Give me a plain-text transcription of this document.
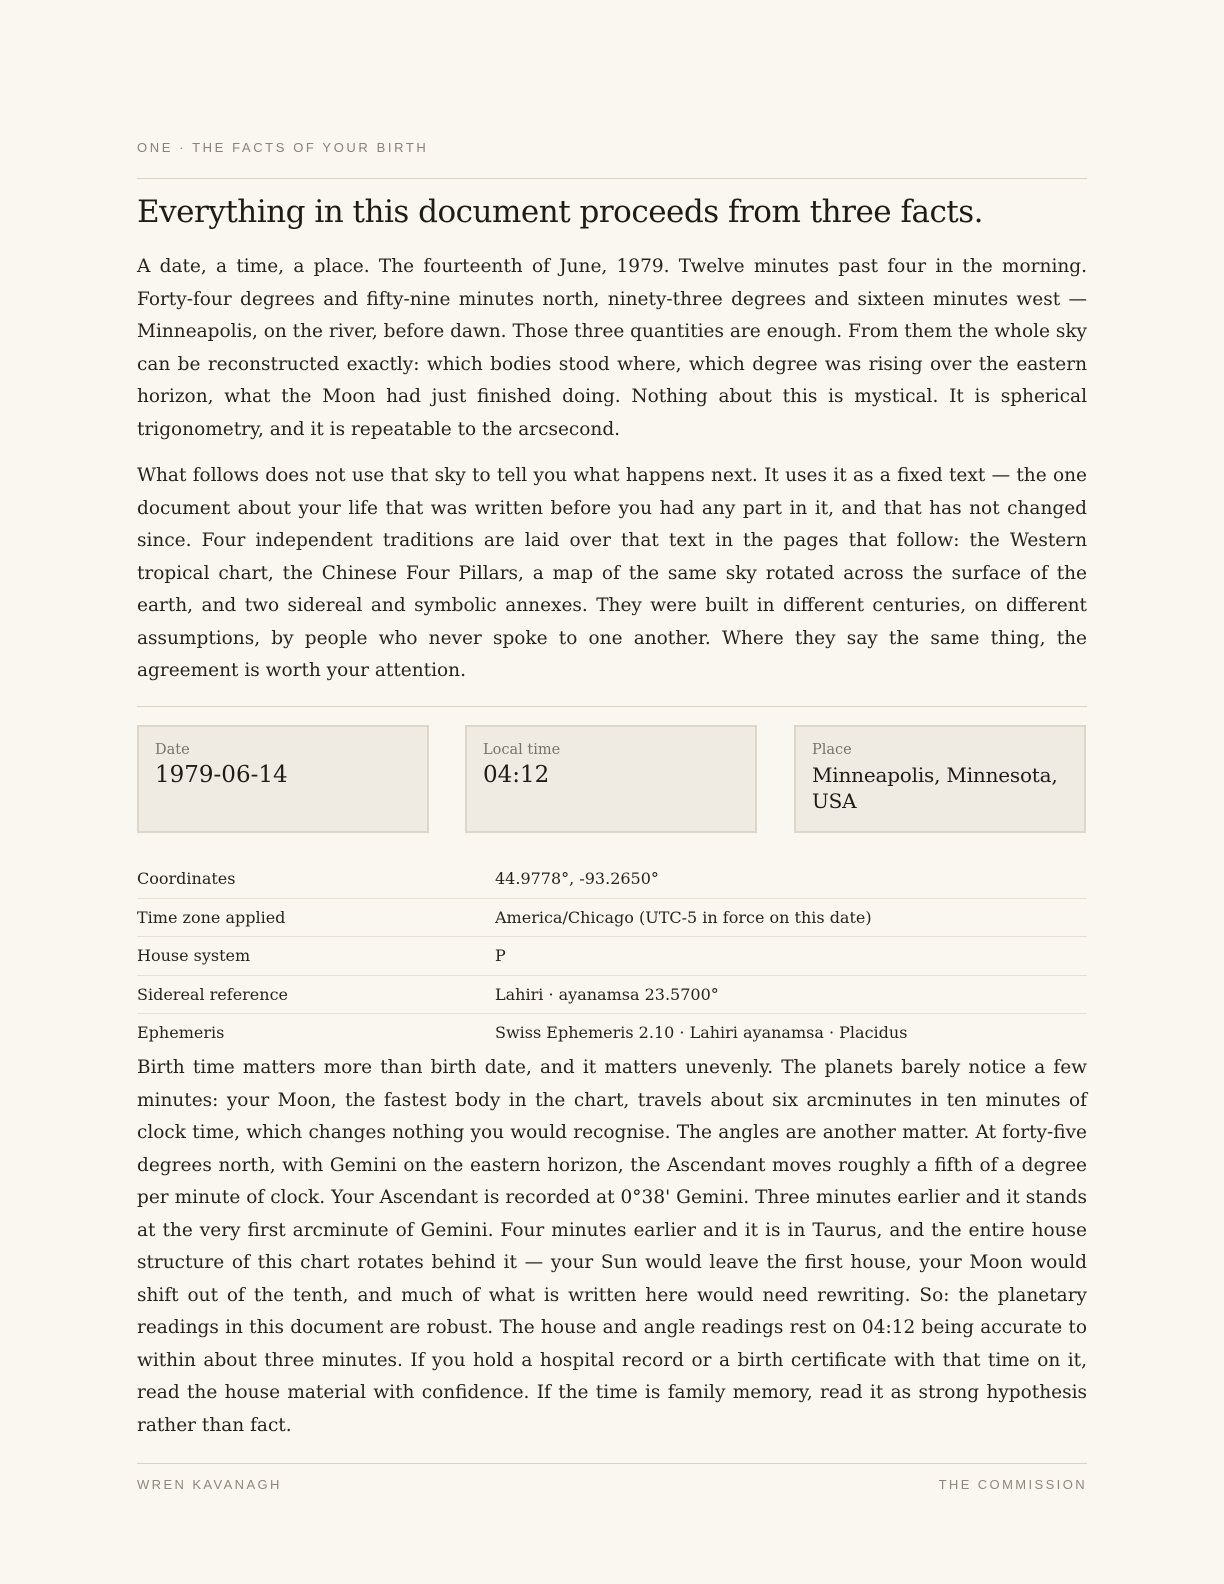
ONE · THE FACTS OF YOUR BIRTH
Everything in this document proceeds from three facts.

A date, a time, a place. The fourteenth of June, 1979. Twelve minutes past four in the morning. Forty-four degrees and fifty-nine minutes north, ninety-three degrees and sixteen minutes west — Minneapolis, on the river, before dawn. Those three quantities are enough. From them the whole sky can be reconstructed exactly: which bodies stood where, which degree was rising over the eastern horizon, what the Moon had just finished doing. Nothing about this is mystical. It is spherical trigonometry, and it is repeatable to the arcsecond.

What follows does not use that sky to tell you what happens next. It uses it as a fixed text — the one document about your life that was written before you had any part in it, and that has not changed since. Four independent traditions are laid over that text in the pages that follow: the Western tropical chart, the Chinese Four Pillars, a map of the same sky rotated across the surface of the earth, and two sidereal and symbolic annexes. They were built in different centuries, on different assumptions, by people who never spoke to one another. Where they say the same thing, the agreement is worth your attention.

Date
1979-06-14
Local time
04:12
Place
Minneapolis, Minnesota, USA
Coordinates	44.9778°, -93.2650°
Time zone applied	America/Chicago (UTC-5 in force on this date)
House system	P
Sidereal reference	Lahiri · ayanamsa 23.5700°
Ephemeris	Swiss Ephemeris 2.10 · Lahiri ayanamsa · Placidus

Birth time matters more than birth date, and it matters unevenly. The planets barely notice a few minutes: your Moon, the fastest body in the chart, travels about six arcminutes in ten minutes of clock time, which changes nothing you would recognise. The angles are another matter. At forty-five degrees north, with Gemini on the eastern horizon, the Ascendant moves roughly a fifth of a degree per minute of clock. Your Ascendant is recorded at 0°38' Gemini. Three minutes earlier and it stands at the very first arcminute of Gemini. Four minutes earlier and it is in Taurus, and the entire house structure of this chart rotates behind it — your Sun would leave the first house, your Moon would shift out of the tenth, and much of what is written here would need rewriting. So: the planetary readings in this document are robust. The house and angle readings rest on 04:12 being accurate to within about three minutes. If you hold a hospital record or a birth certificate with that time on it, read the house material with confidence. If the time is family memory, read it as strong hypothesis rather than fact.

WREN KAVANAGH	THE COMMISSION
